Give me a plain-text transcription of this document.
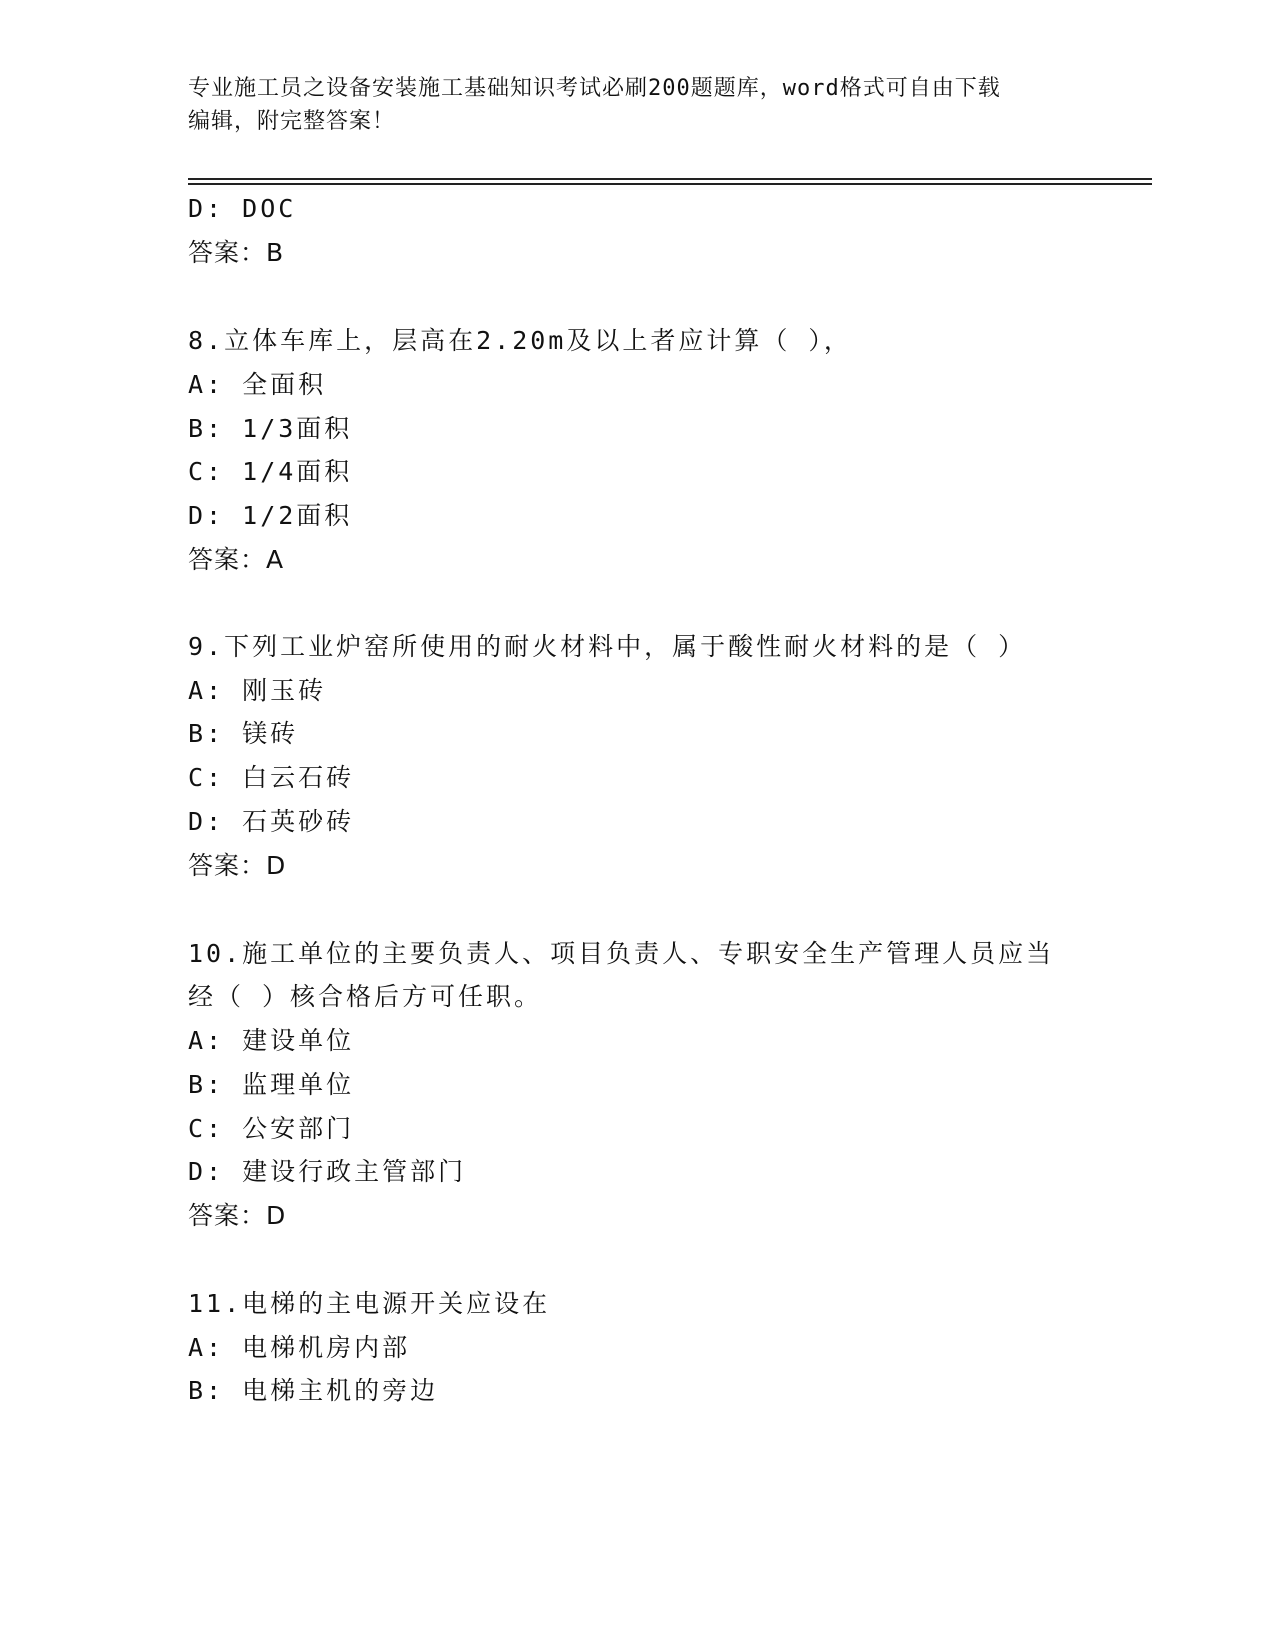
专业施工员之设备安装施工基础知识考试必刷200题题库，word格式可自由下载
编辑，附完整答案！
D: DOC
答案：B
8.立体车库上，层高在2.20m及以上者应计算（ ），
A: 全面积
B: 1/3面积
C: 1/4面积
D: 1/2面积
答案：A
9.下列工业炉窑所使用的耐火材料中，属于酸性耐火材料的是（ ）
A: 刚玉砖
B: 镁砖
C: 白云石砖
D: 石英砂砖
答案：D
10.施工单位的主要负责人、项目负责人、专职安全生产管理人员应当
经（ ）核合格后方可任职。
A: 建设单位
B: 监理单位
C: 公安部门
D: 建设行政主管部门
答案：D
11.电梯的主电源开关应设在
A: 电梯机房内部
B: 电梯主机的旁边
